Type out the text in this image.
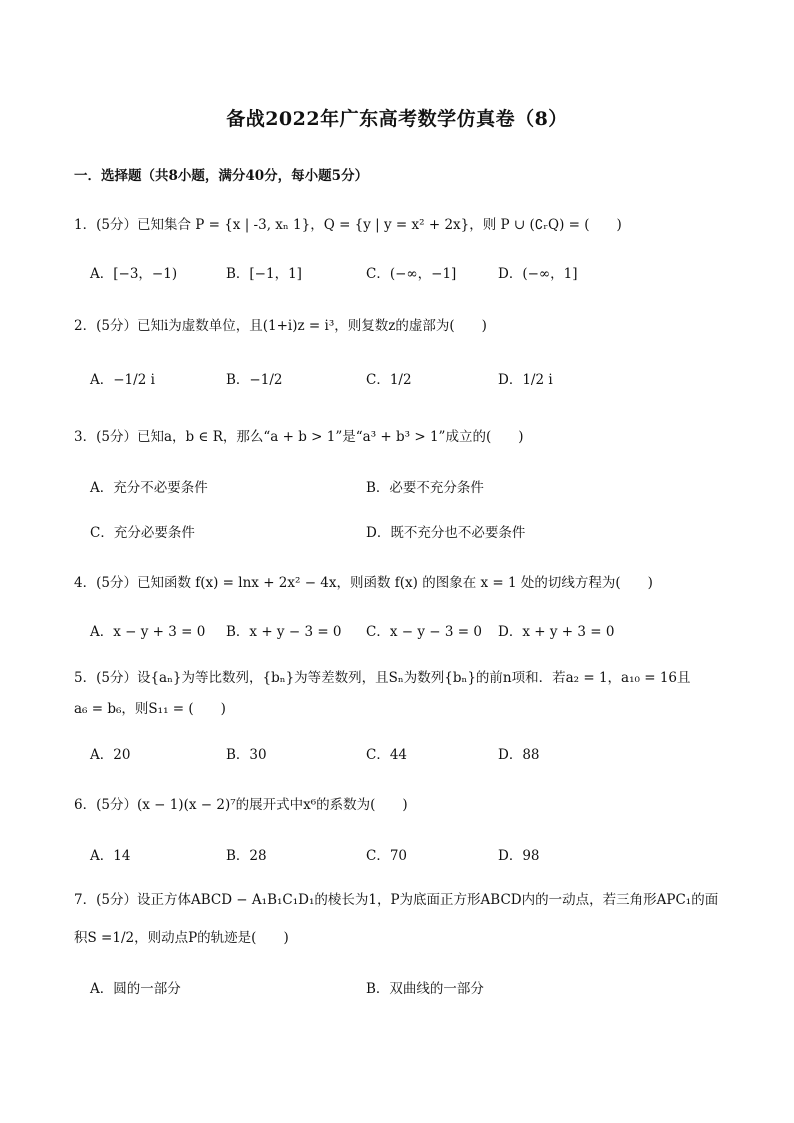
备战2022年广东高考数学仿真卷（8）
一．选择题（共8小题，满分40分，每小题5分）
1．(5分）已知集合 P = {x | -3, xₙ 1}，Q = {y | y = x² + 2x}，则 P ∪ (∁ᵣQ) = (　　)
A．[−3，−1)	B．[−1，1]	C．(−∞，−1]	D．(−∞，1]
2．(5分）已知i为虚数单位，且(1+i)z = i³，则复数z的虚部为(　　)
A．−1/2 i	B．−1/2	C．1/2	D．1/2 i
3．(5分）已知a，b ∈ R，那么“a + b > 1”是“a³ + b³ > 1”成立的(　　)
A．充分不必要条件	B．必要不充分条件
C．充分必要条件	D．既不充分也不必要条件
4．(5分）已知函数 f(x) = lnx + 2x² − 4x，则函数 f(x) 的图象在 x = 1 处的切线方程为(　　)
A．x − y + 3 = 0 B．x + y − 3 = 0 C．x − y − 3 = 0 D．x + y + 3 = 0
5．(5分）设{aₙ}为等比数列，{bₙ}为等差数列，且Sₙ为数列{bₙ}的前n项和．若a₂ = 1，a₁₀ = 16且
a₆ = b₆，则S₁₁ = (　　)
A．20	B．30	C．44	D．88
6．(5分）(x − 1)(x − 2)⁷的展开式中x⁶的系数为(　　)
A．14	B．28	C．70	D．98
7．(5分）设正方体ABCD − A₁B₁C₁D₁的棱长为1，P为底面正方形ABCD内的一动点，若三角形APC₁的面
积S =1/2，则动点P的轨迹是(　　)
A．圆的一部分	B．双曲线的一部分
